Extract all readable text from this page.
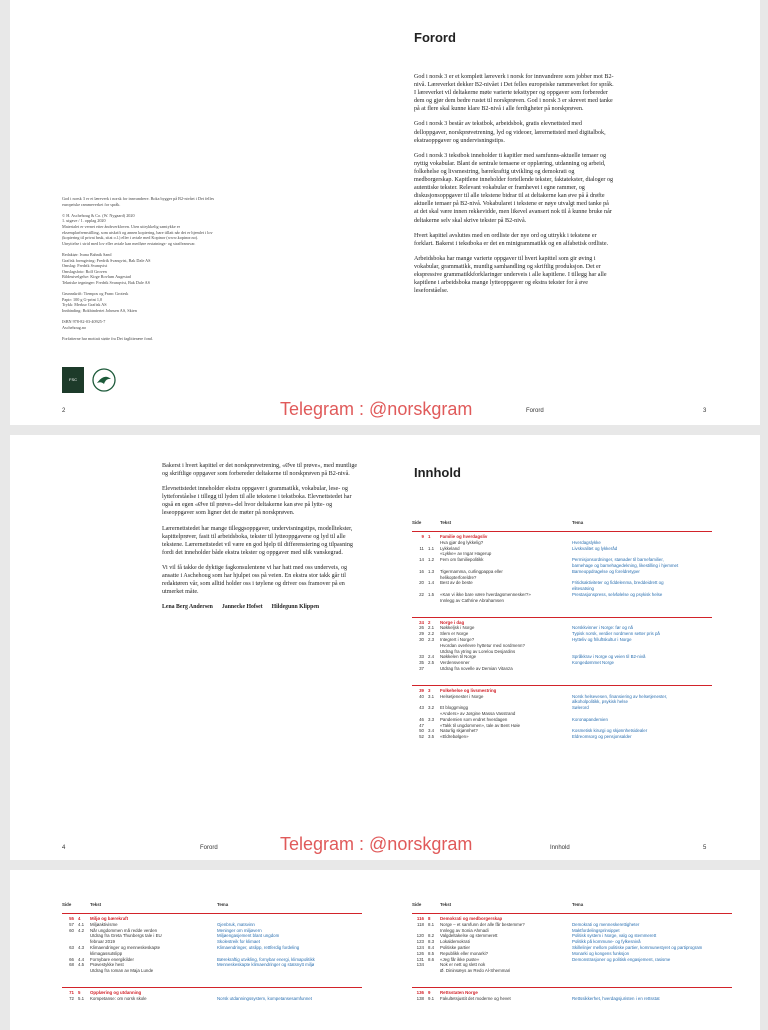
God i norsk 3 er et læreverk i norsk for innvandrere. Boka bygger på B2-nivået i Det felles
europeiske rammeverket for språk.
© H. Aschehoug & Co. (W. Nygaard) 2020
1. utgave / 1. opplag 2020
Materialet er vernet etter åndsverkloven. Uten uttrykkelig samtykke er
eksemplarfremstilling, som utskrift og annen kopiering, bare tillatt når det er hjemlet i lov
(kopiering til privat bruk, sitat o.l.) eller i avtale med Kopinor (www.kopinor.no).
Utnyttelse i strid med lov eller avtale kan medføre erstatnings- og straffeansvar.
Redaktør: Ivana Bahnik Sand
Grafisk formgiving: Fredrik Svanqvist, Bak Dale AS
Omslag: Fredrik Svanqvist
Omslagsfoto: Rolf Groven
Bildeutvelgelse: Kirge Rovlum Augestad
Tekniske tegninger: Fredrik Svanqvist, Bak Dale AS
Grunnskrift: Tiempos og Franc Grotesk
Papir: 100 g G-print 1,0
Trykk: Merkur Grafisk AS
Innbinding: Bokbinderiet Johnsen AS, Skien
ISBN 978-82-03-40925-7
Aschehoug.no
Forfatterne har mottatt støtte fra Det faglitterære fond.
FSC
2
Forord

God i norsk 3 er et komplett læreverk i norsk for innvandrere som jobber mot B2-nivå. Læreverket dekker B2-nivået i Det felles europeiske rammeverket for språk. I læreverket vil deltakerne møte varierte teksttyper og oppgaver som forbereder dem og gjør dem bedre rustet til norskprøven. God i norsk 3 er skrevet med tanke på at flere skal kunne klare B2-nivå i alle ferdigheter på norskprøven.

God i norsk 3 består av tekstbok, arbeidsbok, gratis elevnettsted med delloppgaver, norskprøvetrening, lyd og videoer, lærernettsted med digitalbok, ekstraoppgaver og undervisningstips.

God i norsk 3 tekstbok inneholder ti kapitler med samfunns-aktuelle temaer og nyttig vokabular. Blant de sentrale temaene er opplæring, utdanning og arbeid, folkehelse og livsmestring, bærekraftig utvikling og demokrati og medborgerskap. Kapitlene inneholder fortellende tekster, faktatekster, dialoger og autentiske tekster. Relevant vokabular er framhevet i egne rammer, og diskusjonsoppgaver til alle tekstene bidrar til at deltakerne kan øve på å drøfte aktuelle temaer på B2-nivå. Vokabularet i tekstene er nøye utvalgt med tanke på at det skal være innen rekkevidde, men likevel avansert nok til å kunne bruke når deltakerne selv skal skrive tekster på B2-nivå.

Hvert kapittel avsluttes med en ordliste der nye ord og uttrykk i tekstene er forklart. Bakerst i tekstboka er det en minigrammatikk og en alfabetisk ordliste.

Arbeidsboka har mange varierte oppgaver til hvert kapittel som gir øving i vokabular, grammatikk, muntlig samhandling og skriftlig produksjon. Det er ekspressive grammatikkforklaringer underveis i alle kapitlene. I tillegg har alle kapitlene i arbeidsboka mange lytteoppgaver og ekstra tekster for å øve leseforståelse.

Forord	3

Bakerst i hvert kapittel er det norskprøvetrening, «Øve til prøve», med muntlige og skriftlige oppgaver som forbereder deltakerne til norskprøven på B2-nivå.

Elevnettstedet inneholder ekstra oppgaver i grammatikk, vokabular, lese- og lytteforståelse i tillegg til lyden til alle tekstene i tekstboka. Elevnettstedet har også en egen «Øve til prøve»-del hvor deltakerne kan øve på lytte- og leseoppgaver som ligner det de møter på norskprøven.

Lærernettstedet har mange tilleggsoppgaver, undervisningstips, modelltekster, kapittelprøver, fasit til arbeidsboka, tekster til lytteoppgavene og lyd til alle tekstene. Lærernettstedet vil være en god hjelp til differensiering og tilpasning fordi det inneholder både ekstra tekster og oppgaver med ulik vanskegrad.

Vi vil få takke de dyktige fagkonsulentene vi har hatt med oss underveis, og ansatte i Aschehoug som har hjulpet oss på veien. En ekstra stor takk går til redaktøren vår, som alltid holder oss i tøylene og driver oss framover på en utmerket måte.

Lena Berg Andersen Jannecke Hofset Hildegunn Klippen
4	Forord
Innhold
Side	Tekst	Tema
9 1 Familie og hverdagsliv
Hva gjør deg lykkelig?	Hverdagslykke
11 1.1 Lykkeland	Livskvalitet og lykkeråd
«Lykke» av Ingar Hagerup
14 1.2 Fem om familiepolitikk	Permisjonsordninger, stønader til barnefamilier,
barnehage og barnehagedekning, likestilling i hjemmet
16 1.3 Tigermamma, curlingpappa eller	Barneoppdragelse og foreldretyper
helikopterforeldre?
20 1.4 Best av de beste	Fritidsaktiviteter og fiddelenma, breddeidrett og
elitesatsing
22 1.5 «Kan vi ikke bare være hverdagsmennesker?»	Prestasjonspress, selvfølelse og psykisk helse
Innlegg av Cathrine Abrahamsen
24 2 Norge i dag
26 2.1 Nøkkeljsk i Norge	Norskkvinner i Norge: før og nå
29 2.2 Slem er Norge	Typisk norsk, verdier nordmenn setter pris på
30 2.3 Integrert i Norge?	Hytteliv og friluftskultur i Norge
Hvordan overlevre hyttetur med nordmenn?
Utdrag fra ytring av Lorelou Desjardins
33 2.4 Nøkkelen til Norge	Språkkrav i Norge og veien til B2-nivå
35 2.5 Verdensvenner	Kongedømmet Norge
37	Utdrag fra novelle av Demian Vitanza
39 3 Folkehelse og livsmestring
40 3.1 Helsetjenester i Norge	Norsk helsevesen, finansiering av helsetjenester,
alkoholpolitikk, psykisk helse
43 3.2 Et bloggmingg	Sølerord
«Anders» av Jørgine Massa Vasstrand
46 3.3 Pandemien som endret hverdagen	Koronapandemien
47	«Takk til ungdommen», tale av Bent Høie
50 3.4 Naturlig skjønnhet?	Kosmetisk kirurgi og skjønnhetsidealer
52 3.5 «Eldrebølgen»	Eldreomsorg og pensjonsalder
Innhold	5
Side	Tekst	Tema
55 4 Miljø og bærekraft
57 4.1 Miljøaktivisme	Gjenbruk, matsvinn
60 4.2 Når ungdommen må redde verden	Meninger om miljøvern
Utdrag fra Greta Thunbergs tale i EU	Miljøengasjement blant ungdom
februar 2019	Skolestreik for klimaet
63 4.3 Klimaendringer og menneskeskapte	Klimaendringer, utslipp, rettferdig fordeling
klimagassutslipp
66 4.4 Fornybare energikilder	Bærekraftig utvikling, fornybar energi, klimapolitikk
68 4.5 Prøvestykke hest	Menneskeskapte klimaendringer og statsnytt miljø
Utdrag fra roman av Maja Lunde
71 5 Opplæring og utdanning
72 5.1 Kompetanse: om norsk skole	Norsk utdanningssystem, kompetansesamfunnet
Side	Tekst	Tema
116 8 Demokrati og medborgerskap
118 8.1 Norge – et samfunn der alle får bestemme?	Demokrati og menneskerettigheter
Innlegg av Sonia Ahmadi	Maktfordelingsprinsippet
120 8.2 Valgdeltakelse og stemmerett	Politisk system i Norge, valg og stemmerett
123 8.3 Lokaldemokrati	Politikk på kommune- og fylkesnivå
124 8.4 Politiske partier	Skillelinjer mellom politiske partier, kommunestyret og partiprogram
126 8.5 Republikk eller monarki?	Monarki og kongens funksjon
131 8.6 «Jeg får ikke puste»	Demonstrasjoner og politisk engasjement, rasisme
134	Nok er nett og slett nok
Ø. Dininsæys av Redo Al-Shemmari
136 9 Rettsstaten Norge
138 9.1 Fakultetsjustit det moderne og hevet	Rettssikkerhet, hverdagsjuristen i en rettsstat
Telegram : @norskgram
Telegram : @norskgram
